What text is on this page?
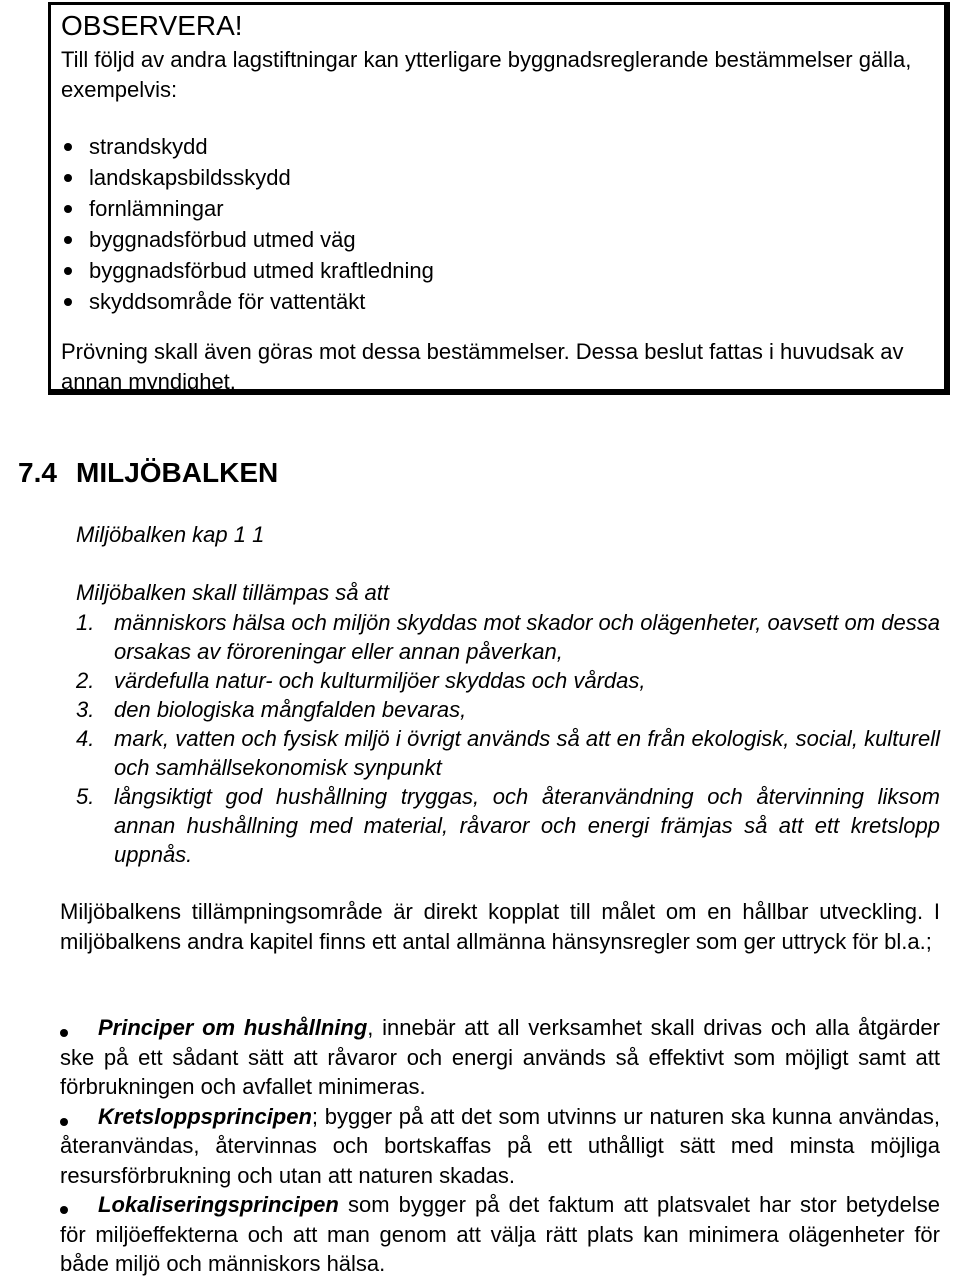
OBSERVERA!

Till följd av andra lagstiftningar kan ytterligare byggnadsreglerande bestämmelser gälla, exempelvis:

strandskydd
landskapsbildsskydd
fornlämningar
byggnadsförbud utmed väg
byggnadsförbud utmed kraftledning
skyddsområde för vattentäkt

Prövning skall även göras mot dessa bestämmelser. Dessa beslut fattas i huvudsak av annan myndighet.

7.4 MILJÖBALKEN

Miljöbalken kap 1 1

Miljöbalken skall tillämpas så att

1. människors hälsa och miljön skyddas mot skador och olägenheter, oavsett om dessa orsakas av föroreningar eller annan påverkan,
2. värdefulla natur- och kulturmiljöer skyddas och vårdas,
3. den biologiska mångfalden bevaras,
4. mark, vatten och fysisk miljö i övrigt används så att en från ekologisk, social, kulturell och samhällsekonomisk synpunkt
5. långsiktigt god hushållning tryggas, och återanvändning och återvinning liksom annan hushållning med material, råvaror och energi främjas så att ett kretslopp uppnås.

Miljöbalkens tillämpningsområde är direkt kopplat till målet om en hållbar utveckling. I miljöbalkens andra kapitel finns ett antal allmänna hänsynsregler som ger uttryck för bl.a.;

Principer om hushållning, innebär att all verksamhet skall drivas och alla åtgärder ske på ett sådant sätt att råvaror och energi används så effektivt som möjligt samt att förbrukningen och avfallet minimeras.
Kretsloppsprincipen; bygger på att det som utvinns ur naturen ska kunna användas, återanvändas, återvinnas och bortskaffas på ett uthålligt sätt med minsta möjliga resursförbrukning och utan att naturen skadas.
Lokaliseringsprincipen som bygger på det faktum att platsvalet har stor betydelse för miljöeffekterna och att man genom att välja rätt plats kan minimera olägenheter för både miljö och människors hälsa.
